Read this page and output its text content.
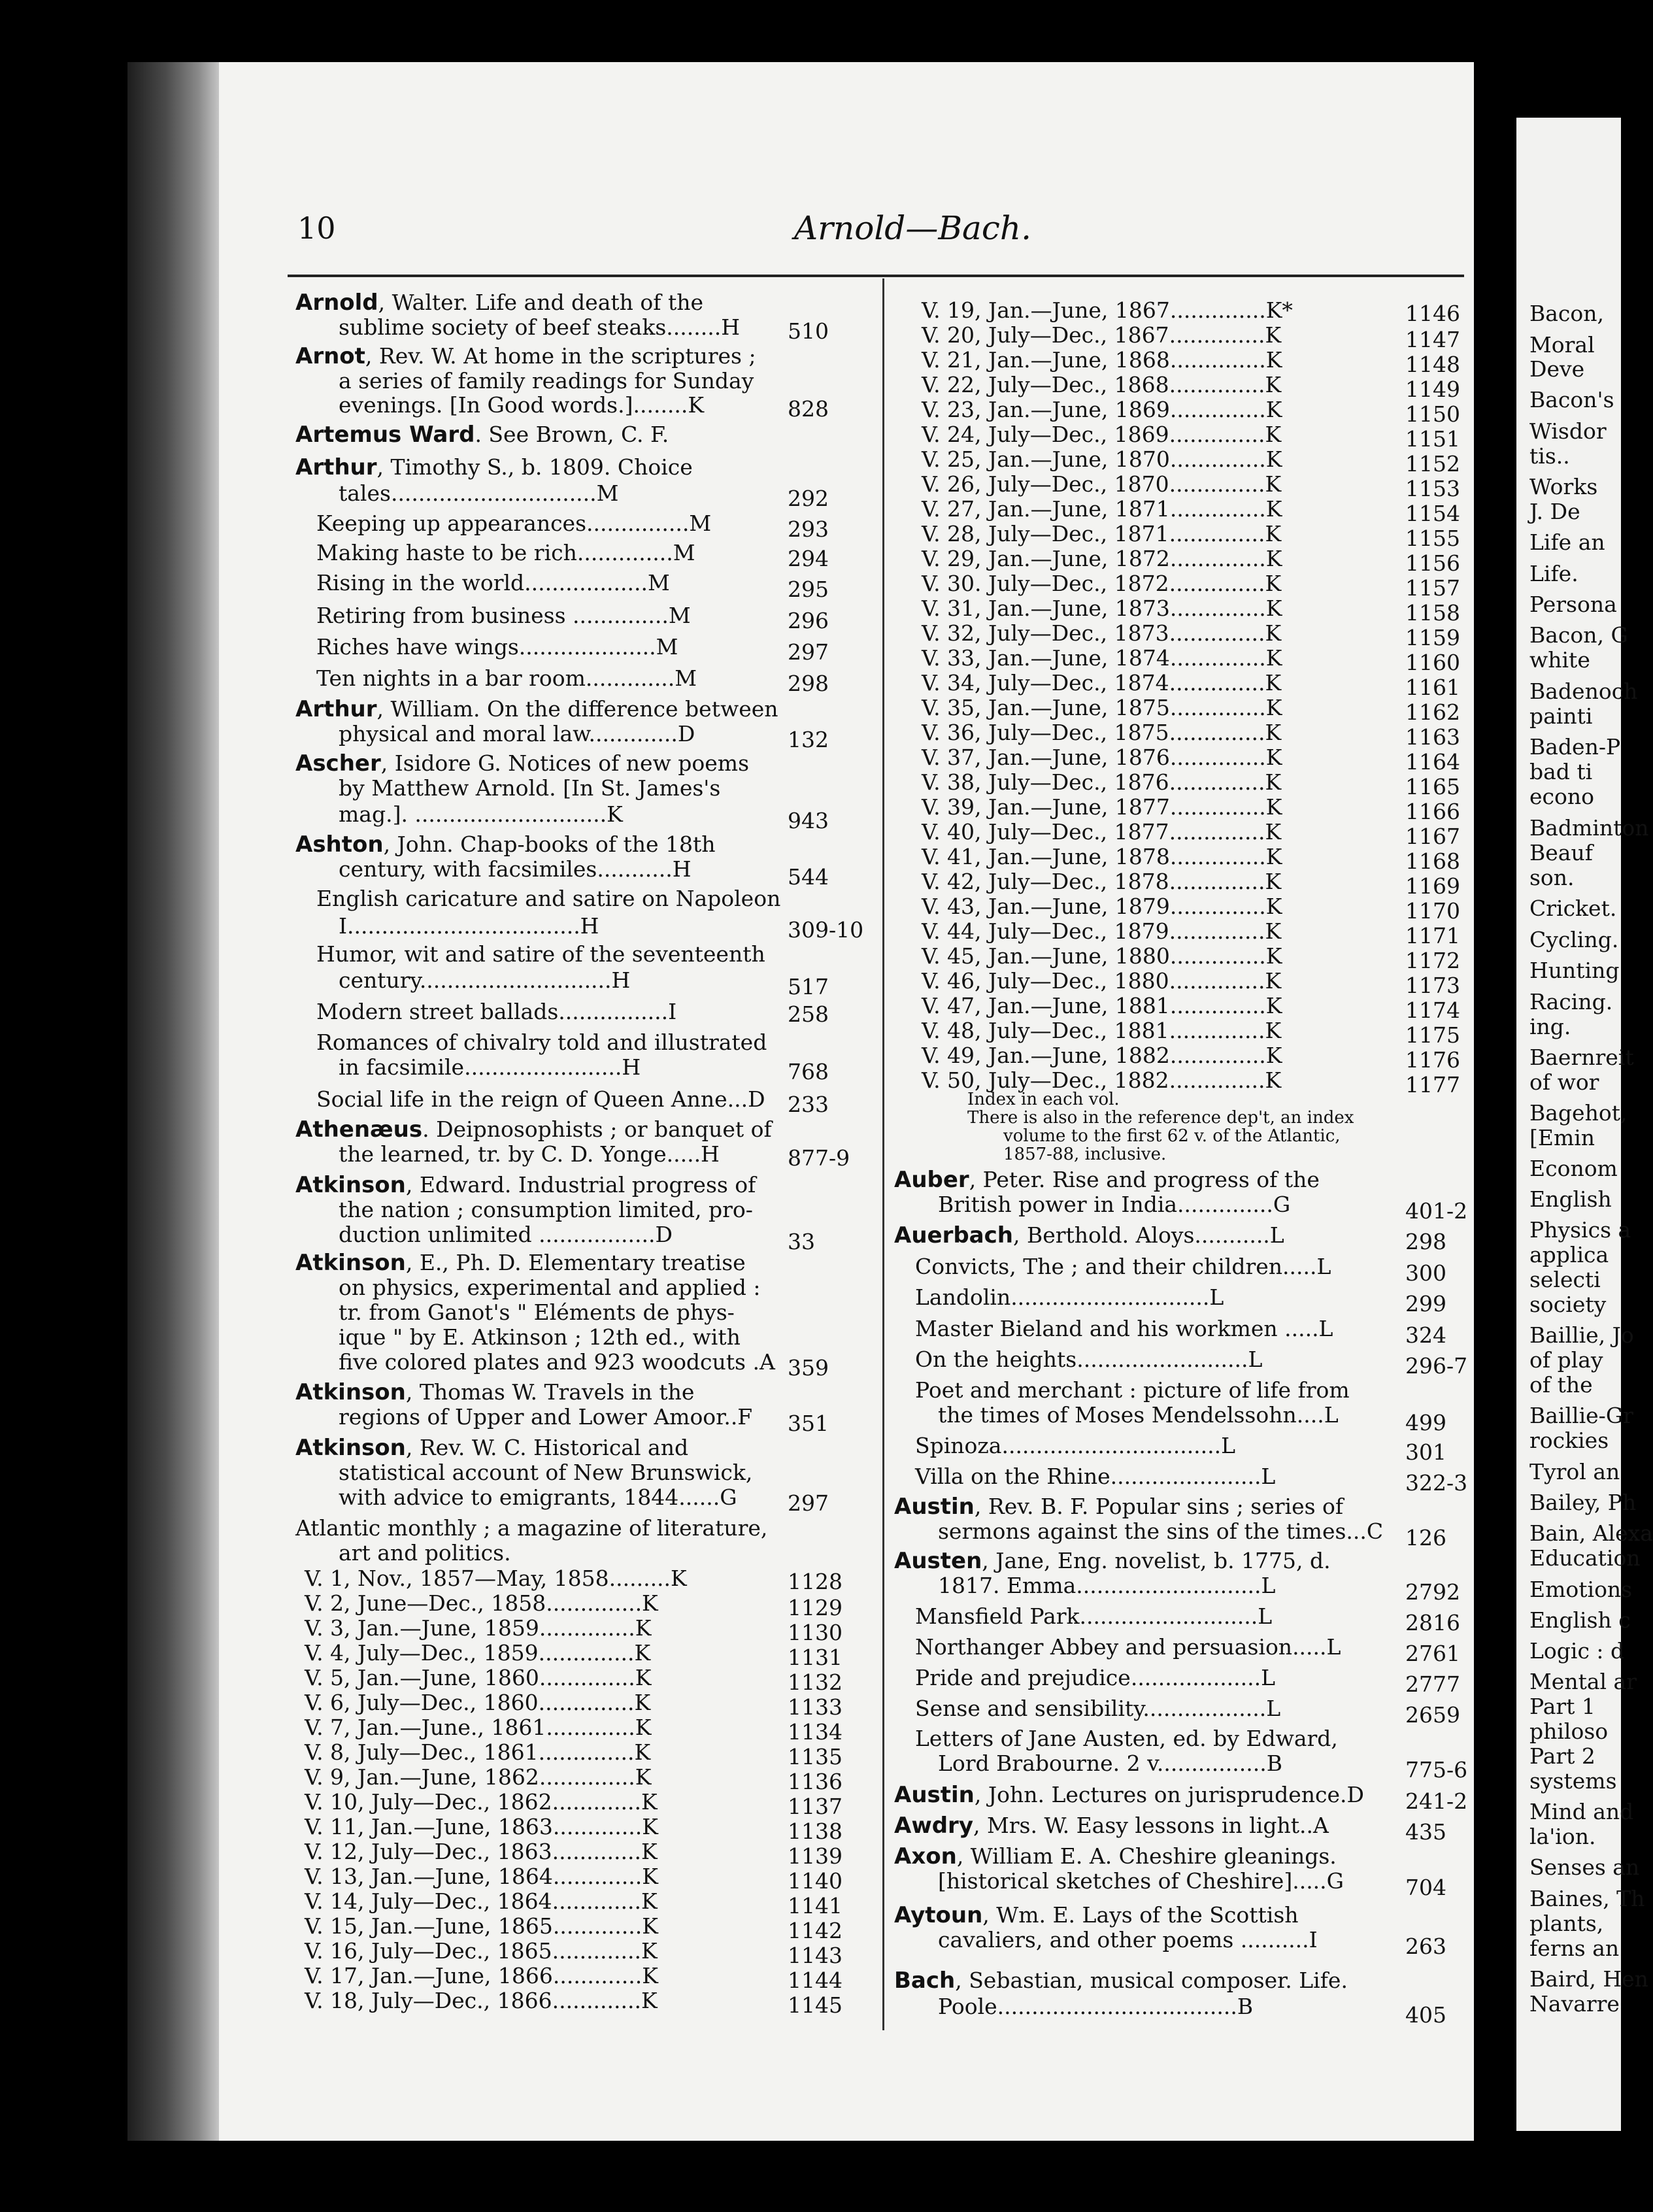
Bacon,
Moral
Deve
Bacon's
Wisdor
tis..
Works
J. De
Life an
Life.
Persona
Bacon, G
white
Badenoch
painti
Baden-P
bad ti
econo
Badminton
Beauf
son.
Cricket.
Cycling.
Hunting
Racing.
ing.
Baernreit
of wor
Bagehot,
[Emin
Econom
English
Physics a
applica
selecti
society
Baillie, Jo
of play
of the
Baillie-Gr
rockies
Tyrol an
Bailey, Ph
Bain, Alexa
Education
Emotions
English c
Logic : d
Mental ar
Part 1
philoso
Part 2
systems
Mind and
la'ion.
Senses an
Baines, Th
plants,
ferns an
Baird, Hen
Navarre
10	Arnold—Bach.
Arnold, Walter. Life and death of the
sublime society of beef steaks........H
Arnot, Rev. W. At home in the scriptures ;
a series of family readings for Sunday
evenings. [In Good words.]........K
Artemus Ward. See Brown, C. F.
Arthur, Timothy S., b. 1809. Choice
tales..............................M
Keeping up appearances...............M
Making haste to be rich..............M
Rising in the world..................M
Retiring from business ..............M
Riches have wings....................M
Ten nights in a bar room.............M
Arthur, William. On the difference between
physical and moral law.............D
Ascher, Isidore G. Notices of new poems
by Matthew Arnold. [In St. James's
mag.]. ............................K
Ashton, John. Chap-books of the 18th
century, with facsimiles...........H
English caricature and satire on Napoleon
I..................................H
Humor, wit and satire of the seventeenth
century............................H
Modern street ballads................I
Romances of chivalry told and illustrated
in facsimile.......................H
Social life in the reign of Queen Anne...D
Athenæus. Deipnosophists ; or banquet of
the learned, tr. by C. D. Yonge.....H
Atkinson, Edward. Industrial progress of
the nation ; consumption limited, pro-
duction unlimited .................D
Atkinson, E., Ph. D. Elementary treatise
on physics, experimental and applied :
tr. from Ganot's " Eléments de phys-
ique " by E. Atkinson ; 12th ed., with
five colored plates and 923 woodcuts .A
Atkinson, Thomas W. Travels in the
regions of Upper and Lower Amoor..F
Atkinson, Rev. W. C. Historical and
statistical account of New Brunswick,
with advice to emigrants, 1844......G
Atlantic monthly ; a magazine of literature,
art and politics.
V. 1, Nov., 1857—May, 1858.........K
V. 2, June—Dec., 1858..............K
V. 3, Jan.—June, 1859..............K
V. 4, July—Dec., 1859..............K
V. 5, Jan.—June, 1860..............K
V. 6, July—Dec., 1860..............K
V. 7, Jan.—June., 1861.............K
V. 8, July—Dec., 1861..............K
V. 9, Jan.—June, 1862..............K
V. 10, July—Dec., 1862.............K
V. 11, Jan.—June, 1863.............K
V. 12, July—Dec., 1863.............K
V. 13, Jan.—June, 1864.............K
V. 14, July—Dec., 1864.............K
V. 15, Jan.—June, 1865.............K
V. 16, July—Dec., 1865.............K
V. 17, Jan.—June, 1866.............K
V. 18, July—Dec., 1866.............K
V. 19, Jan.—June, 1867..............K*
V. 20, July—Dec., 1867..............K
V. 21, Jan.—June, 1868..............K
V. 22, July—Dec., 1868..............K
V. 23, Jan.—June, 1869..............K
V. 24, July—Dec., 1869..............K
V. 25, Jan.—June, 1870..............K
V. 26, July—Dec., 1870..............K
V. 27, Jan.—June, 1871..............K
V. 28, July—Dec., 1871..............K
V. 29, Jan.—June, 1872..............K
V. 30. July—Dec., 1872..............K
V. 31, Jan.—June, 1873..............K
V. 32, July—Dec., 1873..............K
V. 33, Jan.—June, 1874..............K
V. 34, July—Dec., 1874..............K
V. 35, Jan.—June, 1875..............K
V. 36, July—Dec., 1875..............K
V. 37, Jan.—June, 1876..............K
V. 38, July—Dec., 1876..............K
V. 39, Jan.—June, 1877..............K
V. 40, July—Dec., 1877..............K
V. 41, Jan.—June, 1878..............K
V. 42, July—Dec., 1878..............K
V. 43, Jan.—June, 1879..............K
V. 44, July—Dec., 1879..............K
V. 45, Jan.—June, 1880..............K
V. 46, July—Dec., 1880..............K
V. 47, Jan.—June, 1881..............K
V. 48, July—Dec., 1881..............K
V. 49, Jan.—June, 1882..............K
V. 50, July—Dec., 1882..............K
Auber, Peter. Rise and progress of the
British power in India..............G
Auerbach, Berthold. Aloys...........L
Convicts, The ; and their children.....L
Landolin.............................L
Master Bieland and his workmen .....L
On the heights.........................L
Poet and merchant : picture of life from
the times of Moses Mendelssohn....L
Spinoza................................L
Villa on the Rhine......................L
Austin, Rev. B. F. Popular sins ; series of
sermons against the sins of the times...C
Austen, Jane, Eng. novelist, b. 1775, d.
1817. Emma...........................L
Mansfield Park..........................L
Northanger Abbey and persuasion.....L
Pride and prejudice...................L
Sense and sensibility..................L
Letters of Jane Austen, ed. by Edward,
Lord Brabourne. 2 v................B
Austin, John. Lectures on jurisprudence.D
Awdry, Mrs. W. Easy lessons in light..A
Axon, William E. A. Cheshire gleanings.
[historical sketches of Cheshire].....G
Aytoun, Wm. E. Lays of the Scottish
cavaliers, and other poems ..........I
Bach, Sebastian, musical composer. Life.
Poole...................................B
Index in each vol.
There is also in the reference dep't, an index
volume to the first 62 v. of the Atlantic,
1857-88, inclusive.
510
828
292
293
294
295
296
297
298
132
943
544
309-10
517
258
768
233
877-9
33
359
351
297
1128
1129
1130
1131
1132
1133
1134
1135
1136
1137
1138
1139
1140
1141
1142
1143
1144
1145
1146
1147
1148
1149
1150
1151
1152
1153
1154
1155
1156
1157
1158
1159
1160
1161
1162
1163
1164
1165
1166
1167
1168
1169
1170
1171
1172
1173
1174
1175
1176
1177
401-2
298
300
299
324
296-7
499
301
322-3
126
2792
2816
2761
2777
2659
775-6
241-2
435
704
263
405
